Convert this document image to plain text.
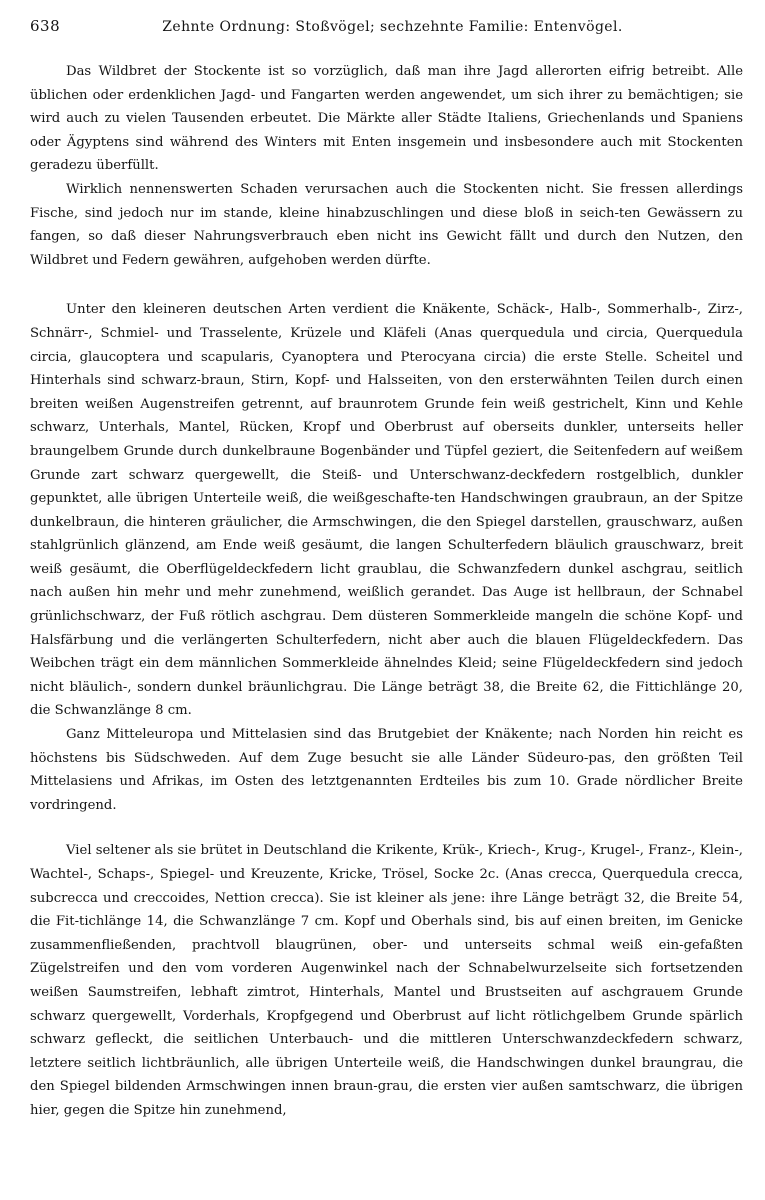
638	Zehnte Ordnung: Stoßvögel; sechzehnte Familie: Entenvögel.

Das Wildbret der Stockente ist so vorzüglich, daß man ihre Jagd allerorten eifrig betreibt. Alle üblichen oder erdenklichen Jagd- und Fangarten werden angewendet, um sich ihrer zu bemächtigen; sie wird auch zu vielen Tausenden erbeutet. Die Märkte aller Städte Italiens, Griechenlands und Spaniens oder Ägyptens sind während des Winters mit Enten insgemein und insbesondere auch mit Stockenten geradezu überfüllt.

Wirklich nennenswerten Schaden verursachen auch die Stockenten nicht. Sie fressen allerdings Fische, sind jedoch nur im stande, kleine hinabzuschlingen und diese bloß in seich-ten Gewässern zu fangen, so daß dieser Nahrungsverbrauch eben nicht ins Gewicht fällt und durch den Nutzen, den Wildbret und Federn gewähren, aufgehoben werden dürfte.

Unter den kleineren deutschen Arten verdient die Knäkente, Schäck-, Halb-, Sommerhalb-, Zirz-, Schnärr-, Schmiel- und Trasselente, Krüzele und Kläfeli (Anas querquedula und circia, Querquedula circia, glaucoptera und scapularis, Cyanoptera und Pterocyana circia) die erste Stelle. Scheitel und Hinterhals sind schwarz-braun, Stirn, Kopf- und Halsseiten, von den ersterwähnten Teilen durch einen breiten weißen Augenstreifen getrennt, auf braunrotem Grunde fein weiß gestrichelt, Kinn und Kehle schwarz, Unterhals, Mantel, Rücken, Kropf und Oberbrust auf oberseits dunkler, unterseits heller braungelbem Grunde durch dunkelbraune Bogenbänder und Tüpfel geziert, die Seitenfedern auf weißem Grunde zart schwarz quergewellt, die Steiß- und Unterschwanz-deckfedern rostgelblich, dunkler gepunktet, alle übrigen Unterteile weiß, die weißgeschafte-ten Handschwingen graubraun, an der Spitze dunkelbraun, die hinteren gräulicher, die Armschwingen, die den Spiegel darstellen, grauschwarz, außen stahlgrünlich glänzend, am Ende weiß gesäumt, die langen Schulterfedern bläulich grauschwarz, breit weiß gesäumt, die Oberflügeldeckfedern licht graublau, die Schwanzfedern dunkel aschgrau, seitlich nach außen hin mehr und mehr zunehmend, weißlich gerandet. Das Auge ist hellbraun, der Schnabel grünlichschwarz, der Fuß rötlich aschgrau. Dem düsteren Sommerkleide mangeln die schöne Kopf- und Halsfärbung und die verlängerten Schulterfedern, nicht aber auch die blauen Flügeldeckfedern. Das Weibchen trägt ein dem männlichen Sommerkleide ähnelndes Kleid; seine Flügeldeckfedern sind jedoch nicht bläulich-, sondern dunkel bräunlichgrau. Die Länge beträgt 38, die Breite 62, die Fittichlänge 20, die Schwanzlänge 8 cm.

Ganz Mitteleuropa und Mittelasien sind das Brutgebiet der Knäkente; nach Norden hin reicht es höchstens bis Südschweden. Auf dem Zuge besucht sie alle Länder Südeuro-pas, den größten Teil Mittelasiens und Afrikas, im Osten des letztgenannten Erdteiles bis zum 10. Grade nördlicher Breite vordringend.

Viel seltener als sie brütet in Deutschland die Krikente, Krük-, Kriech-, Krug-, Krugel-, Franz-, Klein-, Wachtel-, Schaps-, Spiegel- und Kreuzente, Kricke, Trösel, Socke 2c. (Anas crecca, Querquedula crecca, subcrecca und creccoides, Nettion crecca). Sie ist kleiner als jene: ihre Länge beträgt 32, die Breite 54, die Fit-tichlänge 14, die Schwanzlänge 7 cm. Kopf und Oberhals sind, bis auf einen breiten, im Genicke zusammenfließenden, prachtvoll blaugrünen, ober- und unterseits schmal weiß ein-gefaßten Zügelstreifen und den vom vorderen Augenwinkel nach der Schnabelwurzelseite sich fortsetzenden weißen Saumstreifen, lebhaft zimtrot, Hinterhals, Mantel und Brustseiten auf aschgrauem Grunde schwarz quergewellt, Vorderhals, Kropfgegend und Oberbrust auf licht rötlichgelbem Grunde spärlich schwarz gefleckt, die seitlichen Unterbauch- und die mittleren Unterschwanzdeckfedern schwarz, letztere seitlich lichtbräunlich, alle übrigen Unterteile weiß, die Handschwingen dunkel braungrau, die den Spiegel bildenden Armschwingen innen braun-grau, die ersten vier außen samtschwarz, die übrigen hier, gegen die Spitze hin zunehmend,
